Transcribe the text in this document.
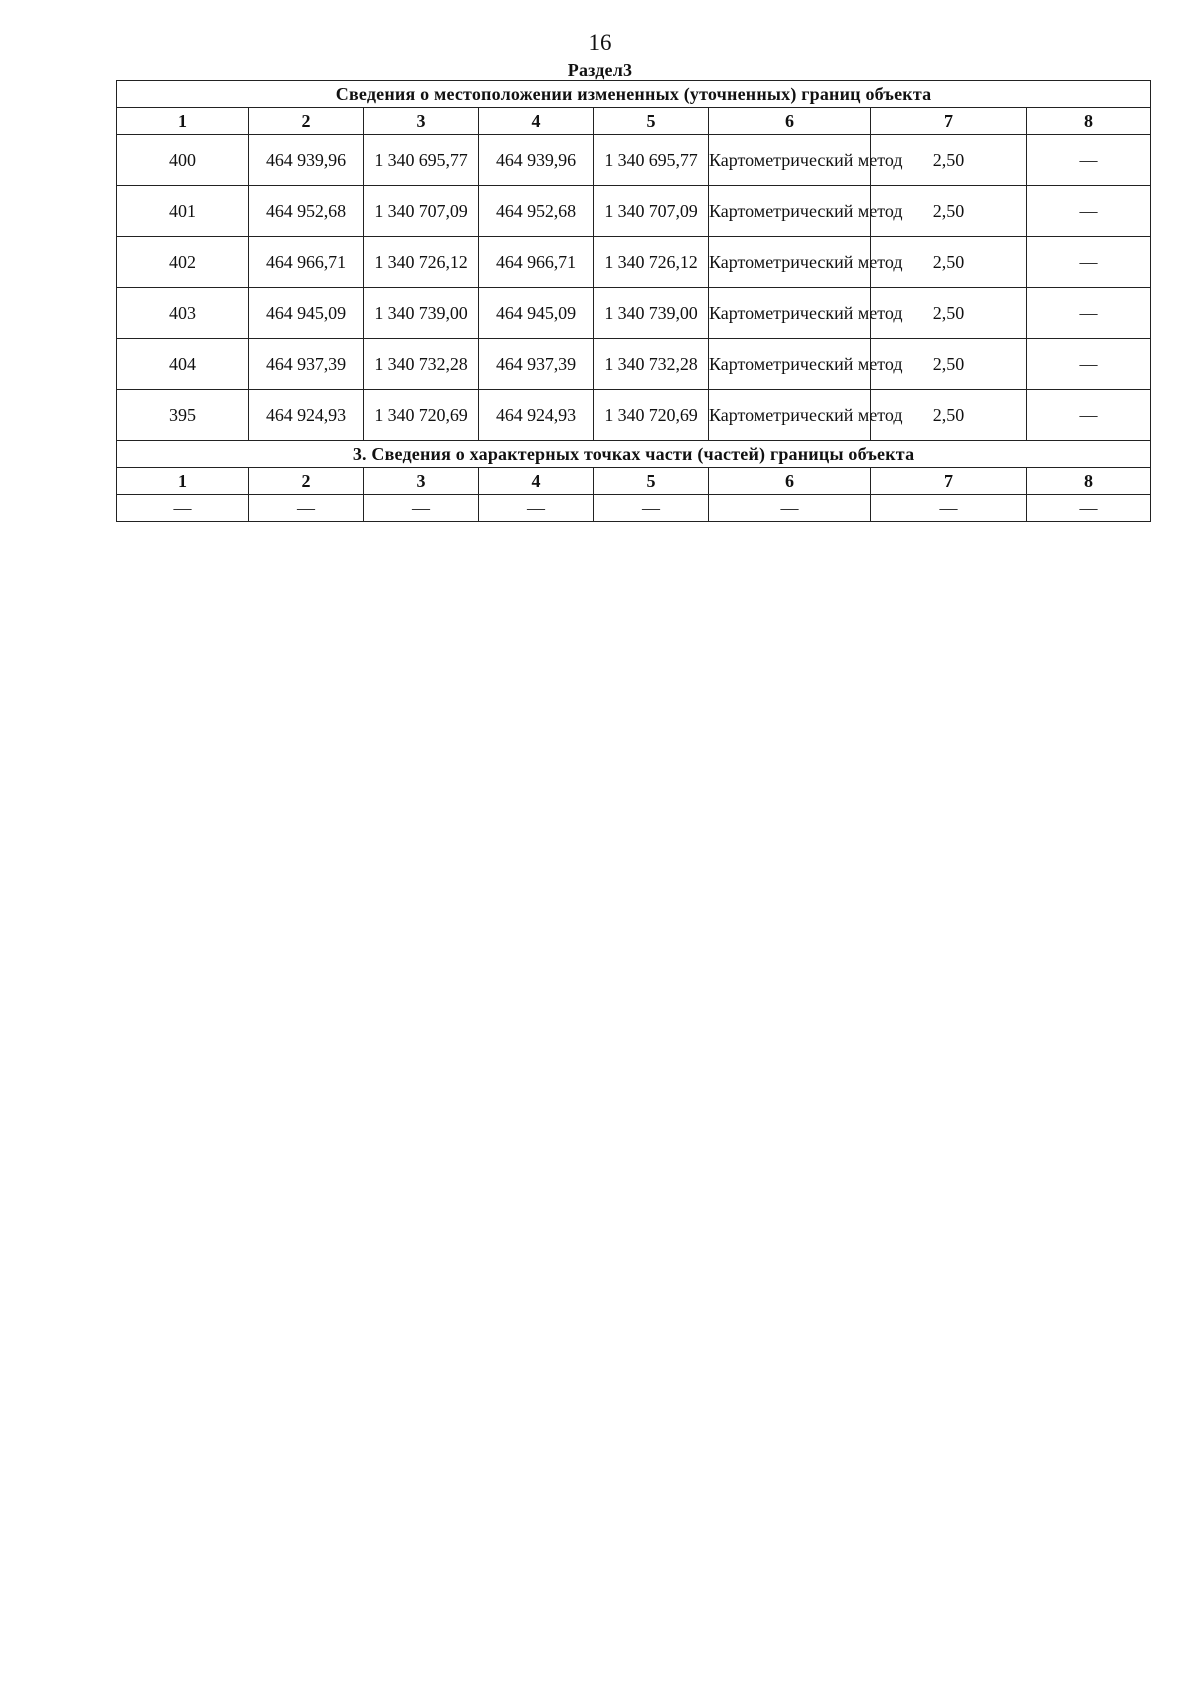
16
Раздел3
Сведения о местоположении измененных (уточненных) границ объекта							
1	2	3	4	5	6	7	8
400	464 939,96	1 340 695,77	464 939,96	1 340 695,77	Картометрический метод	2,50	—
401	464 952,68	1 340 707,09	464 952,68	1 340 707,09	Картометрический метод	2,50	—
402	464 966,71	1 340 726,12	464 966,71	1 340 726,12	Картометрический метод	2,50	—
403	464 945,09	1 340 739,00	464 945,09	1 340 739,00	Картометрический метод	2,50	—
404	464 937,39	1 340 732,28	464 937,39	1 340 732,28	Картометрический метод	2,50	—
395	464 924,93	1 340 720,69	464 924,93	1 340 720,69	Картометрический метод	2,50	—
3. Сведения о характерных точках части (частей) границы объекта							
1	2	3	4	5	6	7	8
—	—	—	—	—	—	—	—
